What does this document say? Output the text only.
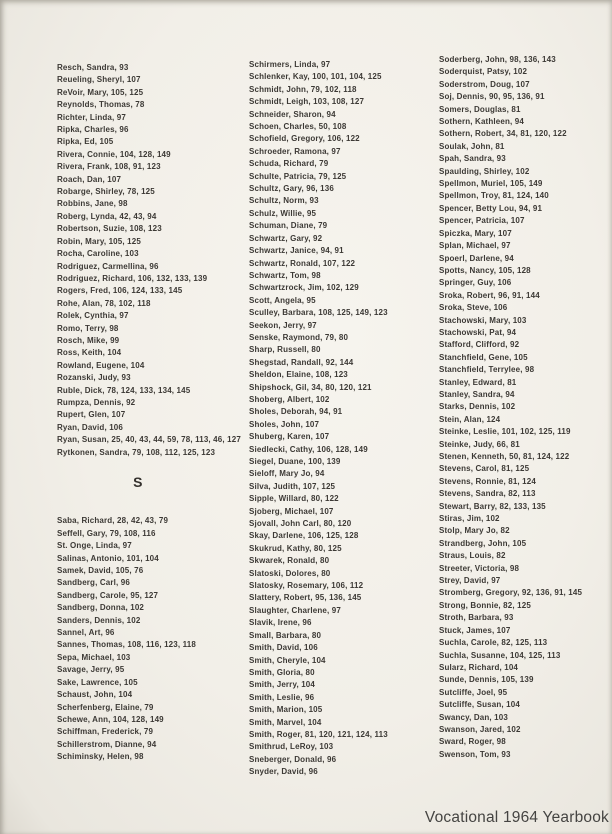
Resch, Sandra, 93
Reueling, Sheryl, 107
ReVoir, Mary, 105, 125
Reynolds, Thomas, 78
Richter, Linda, 97
Ripka, Charles, 96
Ripka, Ed, 105
Rivera, Connie, 104, 128, 149
Rivera, Frank, 108, 91, 123
Roach, Dan, 107
Robarge, Shirley, 78, 125
Robbins, Jane, 98
Roberg, Lynda, 42, 43, 94
Robertson, Suzie, 108, 123
Robin, Mary, 105, 125
Rocha, Caroline, 103
Rodriguez, Carmellina, 96
Rodriguez, Richard, 106, 132, 133, 139
Rogers, Fred, 106, 124, 133, 145
Rohe, Alan, 78, 102, 118
Rolek, Cynthia, 97
Romo, Terry, 98
Rosch, Mike, 99
Ross, Keith, 104
Rowland, Eugene, 104
Rozanski, Judy, 93
Ruble, Dick, 78, 124, 133, 134, 145
Rumpza, Dennis, 92
Rupert, Glen, 107
Ryan, David, 106
Ryan, Susan, 25, 40, 43, 44, 59, 78, 113, 46, 127
Rytkonen, Sandra, 79, 108, 112, 125, 123
S
Saba, Richard, 28, 42, 43, 79
Seffell, Gary, 79, 108, 116
St. Onge, Linda, 97
Salinas, Antonio, 101, 104
Samek, David, 105, 76
Sandberg, Carl, 96
Sandberg, Carole, 95, 127
Sandberg, Donna, 102
Sanders, Dennis, 102
Sannel, Art, 96
Sannes, Thomas, 108, 116, 123, 118
Sepa, Michael, 103
Savage, Jerry, 95
Sake, Lawrence, 105
Schaust, John, 104
Scherfenberg, Elaine, 79
Schewe, Ann, 104, 128, 149
Schiffman, Frederick, 79
Schillerstrom, Dianne, 94
Schiminsky, Helen, 98
Schirmers, Linda, 97
Schlenker, Kay, 100, 101, 104, 125
Schmidt, John, 79, 102, 118
Schmidt, Leigh, 103, 108, 127
Schneider, Sharon, 94
Schoen, Charles, 50, 108
Schofield, Gregory, 106, 122
Schroeder, Ramona, 97
Schuda, Richard, 79
Schulte, Patricia, 79, 125
Schultz, Gary, 96, 136
Schultz, Norm, 93
Schulz, Willie, 95
Schuman, Diane, 79
Schwartz, Gary, 92
Schwartz, Janice, 94, 91
Schwartz, Ronald, 107, 122
Schwartz, Tom, 98
Schwartzrock, Jim, 102, 129
Scott, Angela, 95
Sculley, Barbara, 108, 125, 149, 123
Seekon, Jerry, 97
Senske, Raymond, 79, 80
Sharp, Russell, 80
Shegstad, Randall, 92, 144
Sheldon, Elaine, 108, 123
Shipshock, Gil, 34, 80, 120, 121
Shoberg, Albert, 102
Sholes, Deborah, 94, 91
Sholes, John, 107
Shuberg, Karen, 107
Siedlecki, Cathy, 106, 128, 149
Siegel, Duane, 100, 139
Sieloff, Mary Jo, 94
Silva, Judith, 107, 125
Sipple, Willard, 80, 122
Sjoberg, Michael, 107
Sjovall, John Carl, 80, 120
Skay, Darlene, 106, 125, 128
Skukrud, Kathy, 80, 125
Skwarek, Ronald, 80
Slatoski, Dolores, 80
Slatosky, Rosemary, 106, 112
Slattery, Robert, 95, 136, 145
Slaughter, Charlene, 97
Slavik, Irene, 96
Small, Barbara, 80
Smith, David, 106
Smith, Cheryle, 104
Smith, Gloria, 80
Smith, Jerry, 104
Smith, Leslie, 96
Smith, Marion, 105
Smith, Marvel, 104
Smith, Roger, 81, 120, 121, 124, 113
Smithrud, LeRoy, 103
Sneberger, Donald, 96
Snyder, David, 96
Soderberg, John, 98, 136, 143
Soderquist, Patsy, 102
Soderstrom, Doug, 107
Soj, Dennis, 90, 95, 136, 91
Somers, Douglas, 81
Sothern, Kathleen, 94
Sothern, Robert, 34, 81, 120, 122
Soulak, John, 81
Spah, Sandra, 93
Spaulding, Shirley, 102
Spellmon, Muriel, 105, 149
Spellmon, Troy, 81, 124, 140
Spencer, Betty Lou, 94, 91
Spencer, Patricia, 107
Spiczka, Mary, 107
Splan, Michael, 97
Spoerl, Darlene, 94
Spotts, Nancy, 105, 128
Springer, Guy, 106
Sroka, Robert, 96, 91, 144
Sroka, Steve, 106
Stachowski, Mary, 103
Stachowski, Pat, 94
Stafford, Clifford, 92
Stanchfield, Gene, 105
Stanchfield, Terrylee, 98
Stanley, Edward, 81
Stanley, Sandra, 94
Starks, Dennis, 102
Stein, Alan, 124
Steinke, Leslie, 101, 102, 125, 119
Steinke, Judy, 66, 81
Stenen, Kenneth, 50, 81, 124, 122
Stevens, Carol, 81, 125
Stevens, Ronnie, 81, 124
Stevens, Sandra, 82, 113
Stewart, Barry, 82, 133, 135
Stiras, Jim, 102
Stolp, Mary Jo, 82
Strandberg, John, 105
Straus, Louis, 82
Streeter, Victoria, 98
Strey, David, 97
Stromberg, Gregory, 92, 136, 91, 145
Strong, Bonnie, 82, 125
Stroth, Barbara, 93
Stuck, James, 107
Suchla, Carole, 82, 125, 113
Suchla, Susanne, 104, 125, 113
Sularz, Richard, 104
Sunde, Dennis, 105, 139
Sutcliffe, Joel, 95
Sutcliffe, Susan, 104
Swancy, Dan, 103
Swanson, Jared, 102
Sward, Roger, 98
Swenson, Tom, 93
Vocational 1964 Yearbook
